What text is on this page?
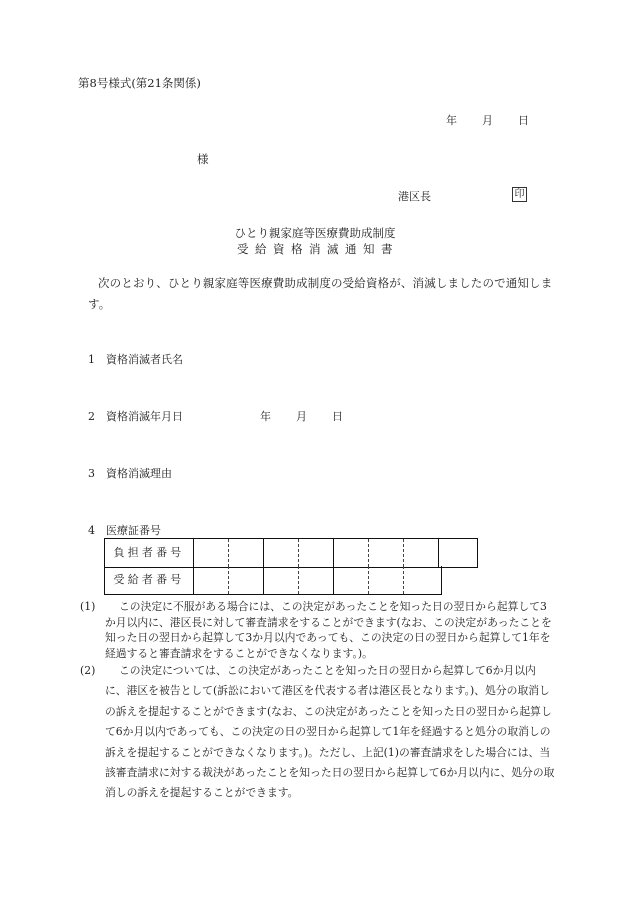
第8号様式(第21条関係)
年 月 日
様
港区長	印
ひとり親家庭等医療費助成制度
受給資格消滅通知書
次のとおり、ひとり親家庭等医療費助成制度の受給資格が、消滅しましたので通知します。
1 資格消滅者氏名
2 資格消滅年月日	年 月 日
3 資格消滅理由
4 医療証番号
負担者番号
受給者番号
(1)	この決定に不服がある場合には、この決定があったことを知った日の翌日から起算して3か月以内に、港区長に対して審査請求をすることができます(なお、この決定があったことを知った日の翌日から起算して3か月以内であっても、この決定の日の翌日から起算して1年を経過すると審査請求をすることができなくなります。)。
(2)	この決定については、この決定があったことを知った日の翌日から起算して6か月以内に、港区を被告として(訴訟において港区を代表する者は港区長となります。)、処分の取消しの訴えを提起することができます(なお、この決定があったことを知った日の翌日から起算して6か月以内であっても、この決定の日の翌日から起算して1年を経過すると処分の取消しの訴えを提起することができなくなります。)。ただし、上記(1)の審査請求をした場合には、当該審査請求に対する裁決があったことを知った日の翌日から起算して6か月以内に、処分の取消しの訴えを提起することができます。
